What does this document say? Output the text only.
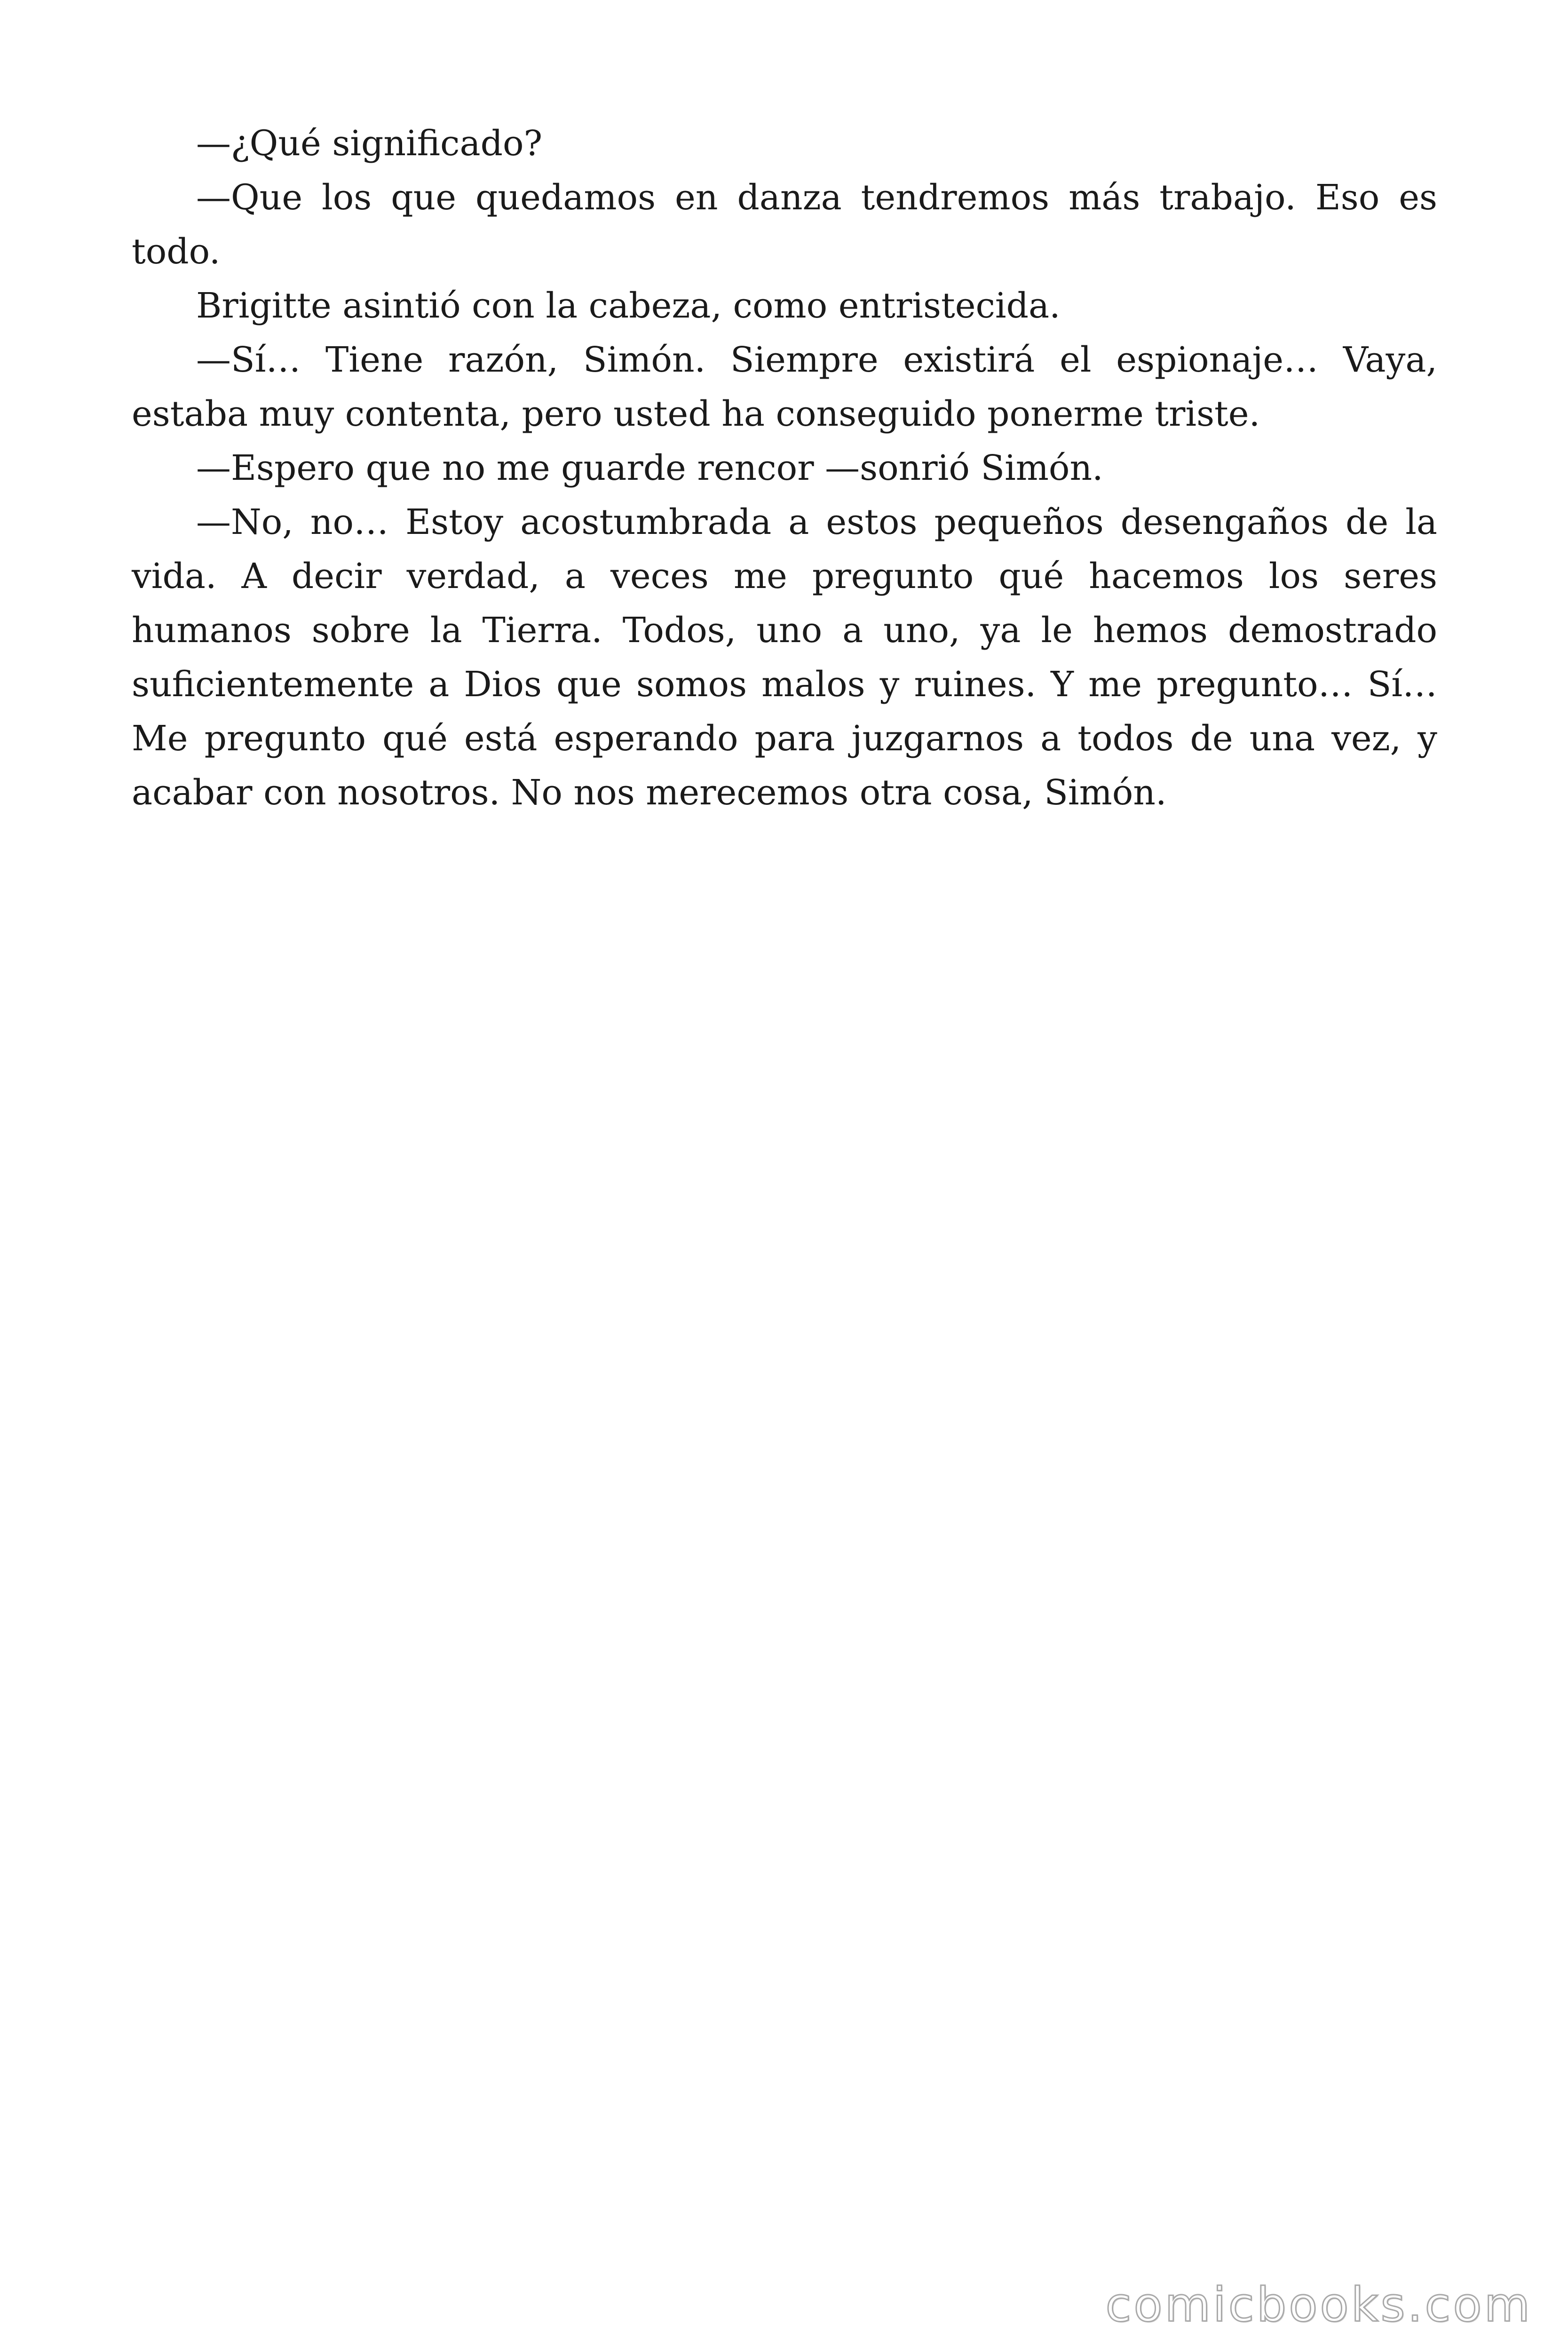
—¿Qué significado?

—Que los que quedamos en danza tendremos más trabajo. Eso es todo.

Brigitte asintió con la cabeza, como entristecida.

—Sí… Tiene razón, Simón. Siempre existirá el espionaje… Vaya, estaba muy contenta, pero usted ha conseguido ponerme triste.

—Espero que no me guarde rencor —sonrió Simón.

—No, no… Estoy acostumbrada a estos pequeños desengaños de la vida. A decir verdad, a veces me pregunto qué hacemos los seres humanos sobre la Tierra. Todos, uno a uno, ya le hemos demostrado suficientemente a Dios que somos malos y ruines. Y me pregunto… Sí… Me pregunto qué está esperando para juzgarnos a todos de una vez, y acabar con nosotros. No nos merecemos otra cosa, Simón.

comicbooks.com
